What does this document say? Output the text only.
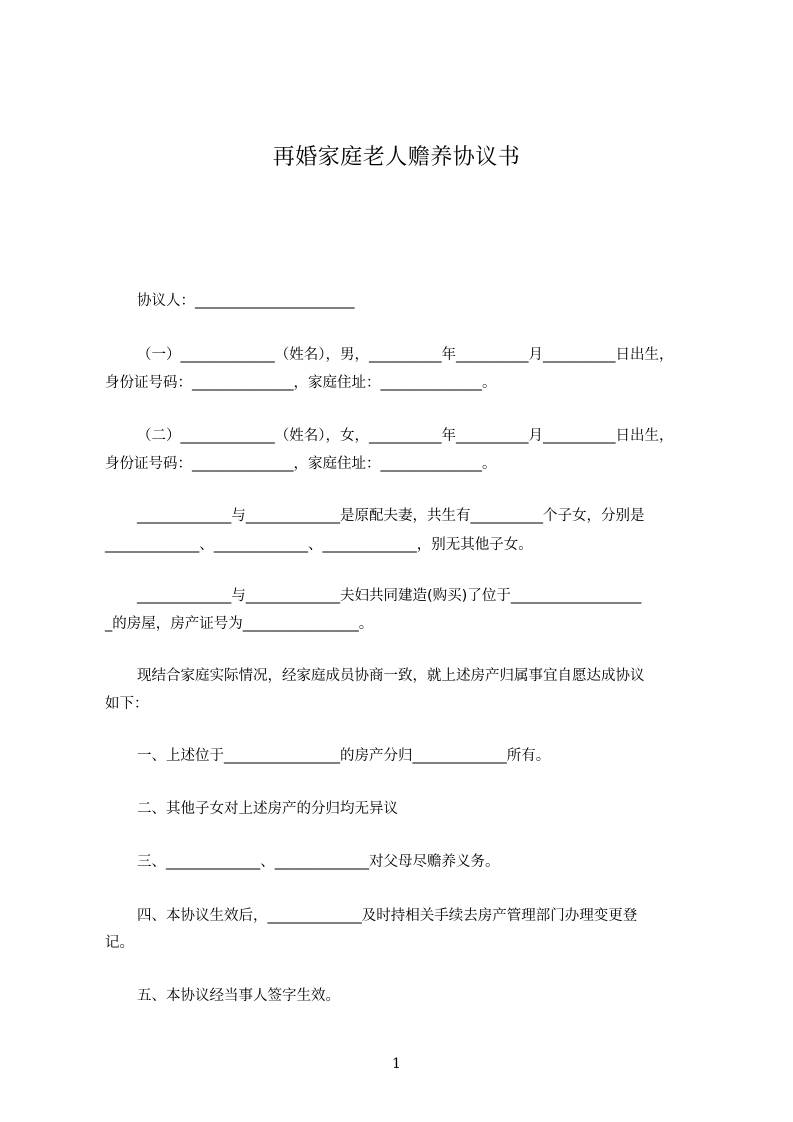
再婚家庭老人赡养协议书
协议人：______________________
（一）_____________（姓名），男，__________年__________月__________日出生，
身份证号码：______________，家庭住址：______________。
（二）_____________（姓名），女，__________年__________月__________日出生，
身份证号码：______________，家庭住址：______________。
_____________与_____________是原配夫妻，共生有__________个子女，分别是
_____________、_____________、_____________，别无其他子女。
_____________与_____________夫妇共同建造(购买)了位于__________________
_的房屋，房产证号为________________。
现结合家庭实际情况，经家庭成员协商一致，就上述房产归属事宜自愿达成协议
如下：
一、上述位于________________的房产分归_____________所有。
二、其他子女对上述房产的分归均无异议
三、_____________、_____________对父母尽赡养义务。
四、本协议生效后，_____________及时持相关手续去房产管理部门办理变更登
记。
五、本协议经当事人签字生效。
1
